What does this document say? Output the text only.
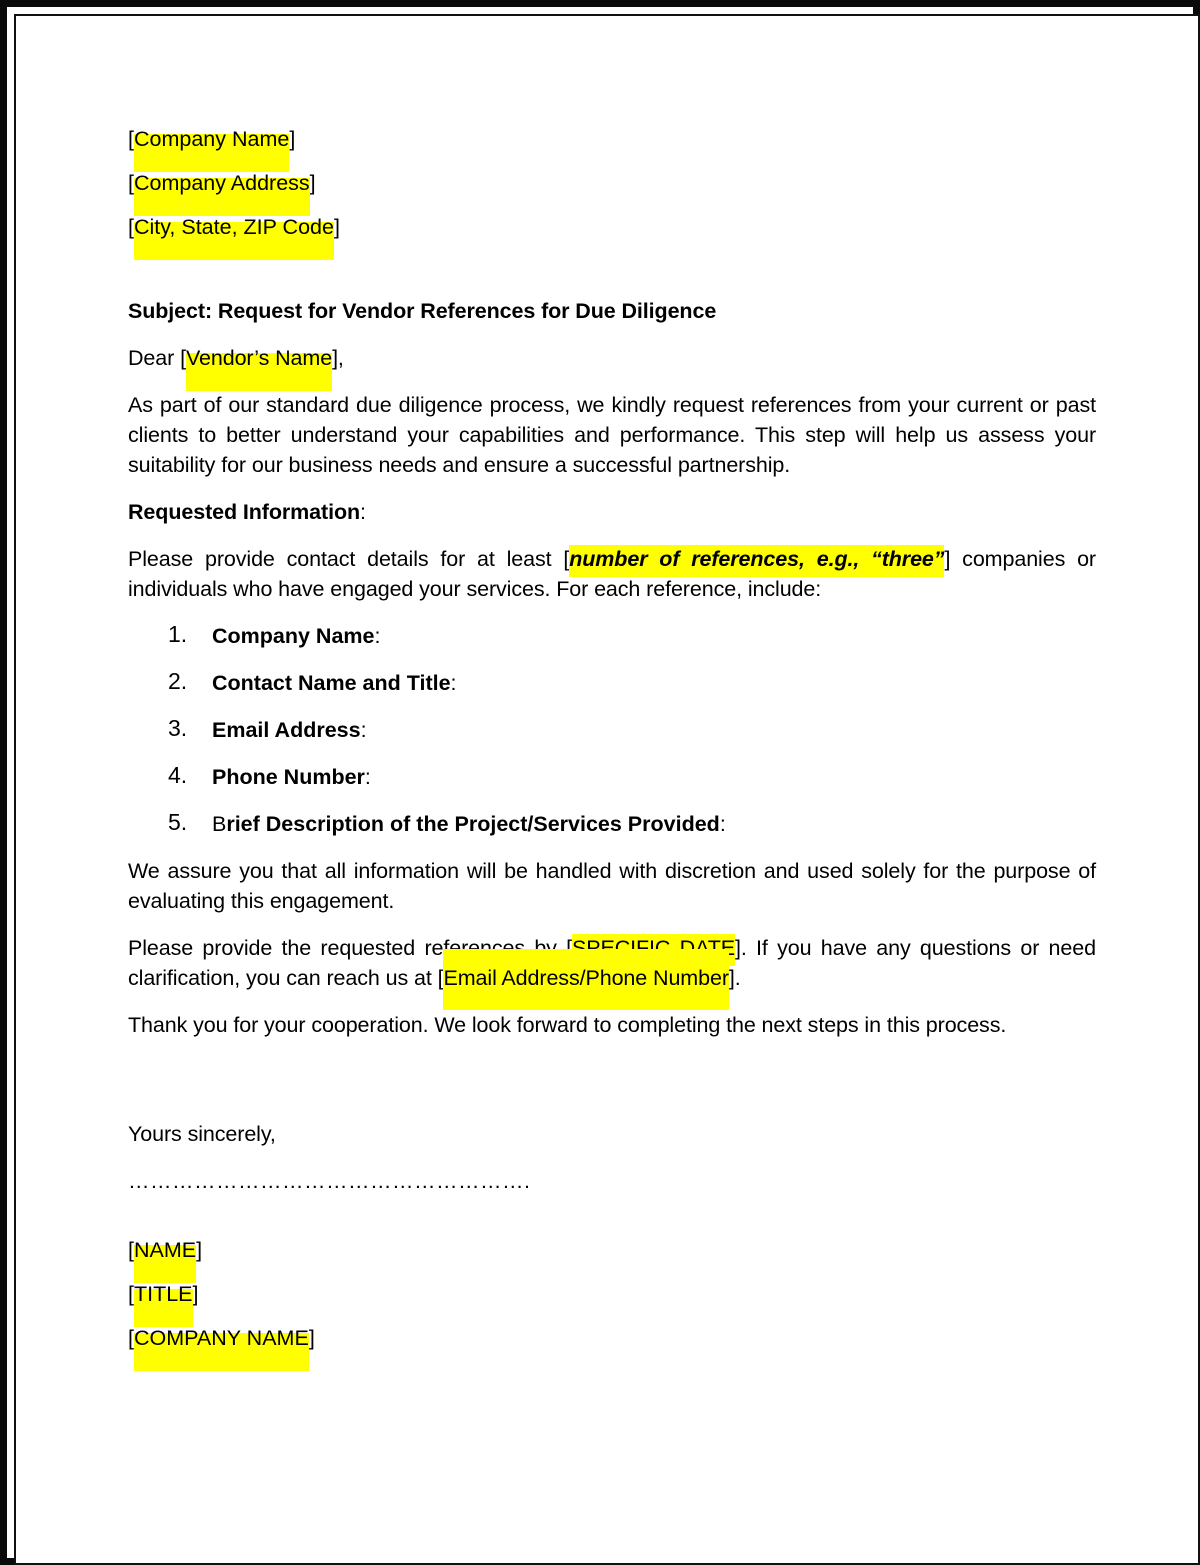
[Company Name]
[Company Address]
[City, State, ZIP Code]

Subject: Request for Vendor References for Due Diligence

Dear [Vendor’s Name],

As part of our standard due diligence process, we kindly request references from your current or past clients to better understand your capabilities and performance. This step will help us assess your suitability for our business needs and ensure a successful partnership.

Requested Information:

Please provide contact details for at least [number of references, e.g., “three”] companies or individuals who have engaged your services. For each reference, include:

Company Name:
Contact Name and Title:
Email Address:
Phone Number:
Brief Description of the Project/Services Provided:

We assure you that all information will be handled with discretion and used solely for the purpose of evaluating this engagement.

Please provide the requested references by [SPECIFIC DATE]. If you have any questions or need clarification, you can reach us at [Email Address/Phone Number].

Thank you for your cooperation. We look forward to completing the next steps in this process.

Yours sincerely,

……………………………………………….
[NAME]
[TITLE]
[COMPANY NAME]
